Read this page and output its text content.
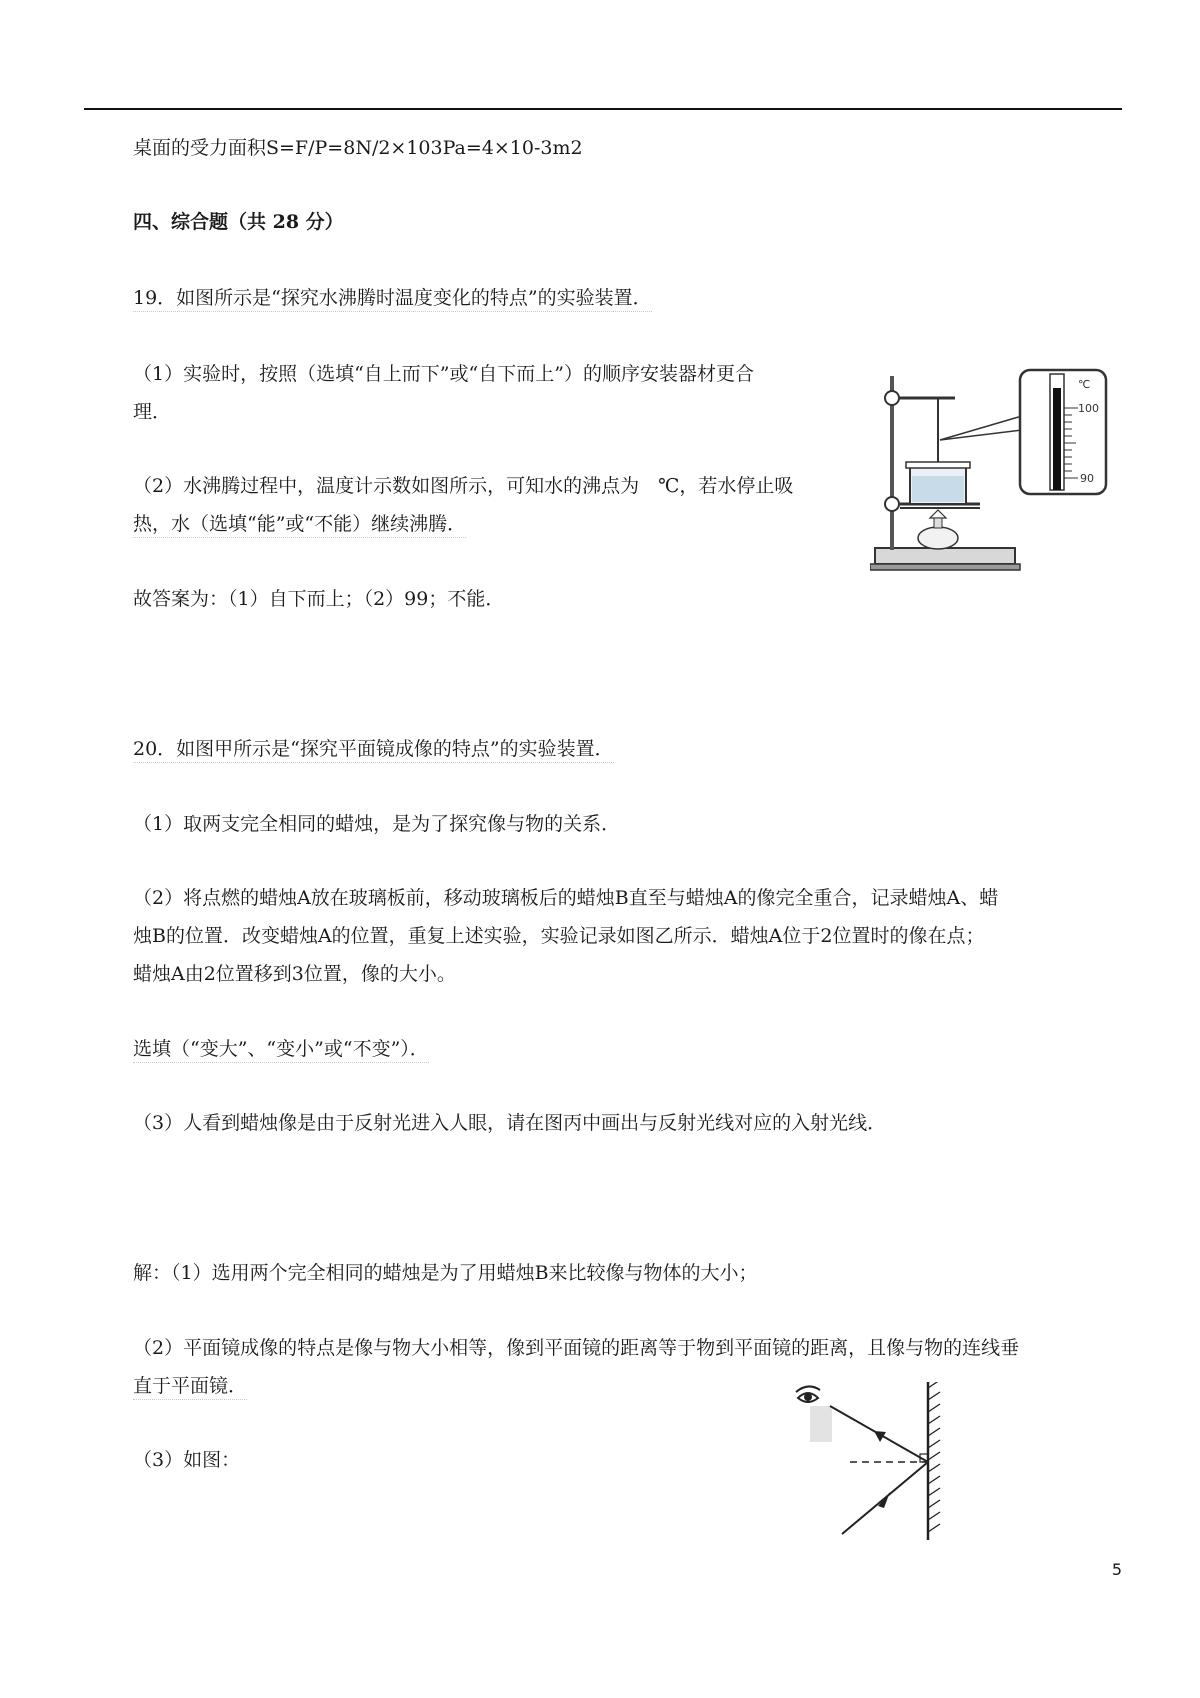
桌面的受力面积S=F/P=8N/2×103Pa=4×10-3m2
四、综合题（共 28 分）
19．如图所示是“探究水沸腾时温度变化的特点”的实验装置．
（1）实验时，按照（选填“自上而下”或“自下而上”）的顺序安装器材更合
理．
（2）水沸腾过程中，温度计示数如图所示，可知水的沸点为　℃，若水停止吸
热，水（选填“能”或“不能）继续沸腾．
故答案为：（1）自下而上；（2）99；不能．
20．如图甲所示是“探究平面镜成像的特点”的实验装置．
（1）取两支完全相同的蜡烛，是为了探究像与物的关系．
（2）将点燃的蜡烛A放在玻璃板前，移动玻璃板后的蜡烛B直至与蜡烛A的像完全重合，记录蜡烛A、蜡
烛B的位置．改变蜡烛A的位置，重复上述实验，实验记录如图乙所示．蜡烛A位于2位置时的像在点；
蜡烛A由2位置移到3位置，像的大小。
选填（“变大”、“变小”或“不变”）．
（3）人看到蜡烛像是由于反射光进入人眼，请在图丙中画出与反射光线对应的入射光线．
解：（1）选用两个完全相同的蜡烛是为了用蜡烛B来比较像与物体的大小；
（2）平面镜成像的特点是像与物大小相等，像到平面镜的距离等于物到平面镜的距离，且像与物的连线垂
直于平面镜．
（3）如图：
℃
100
90
5
